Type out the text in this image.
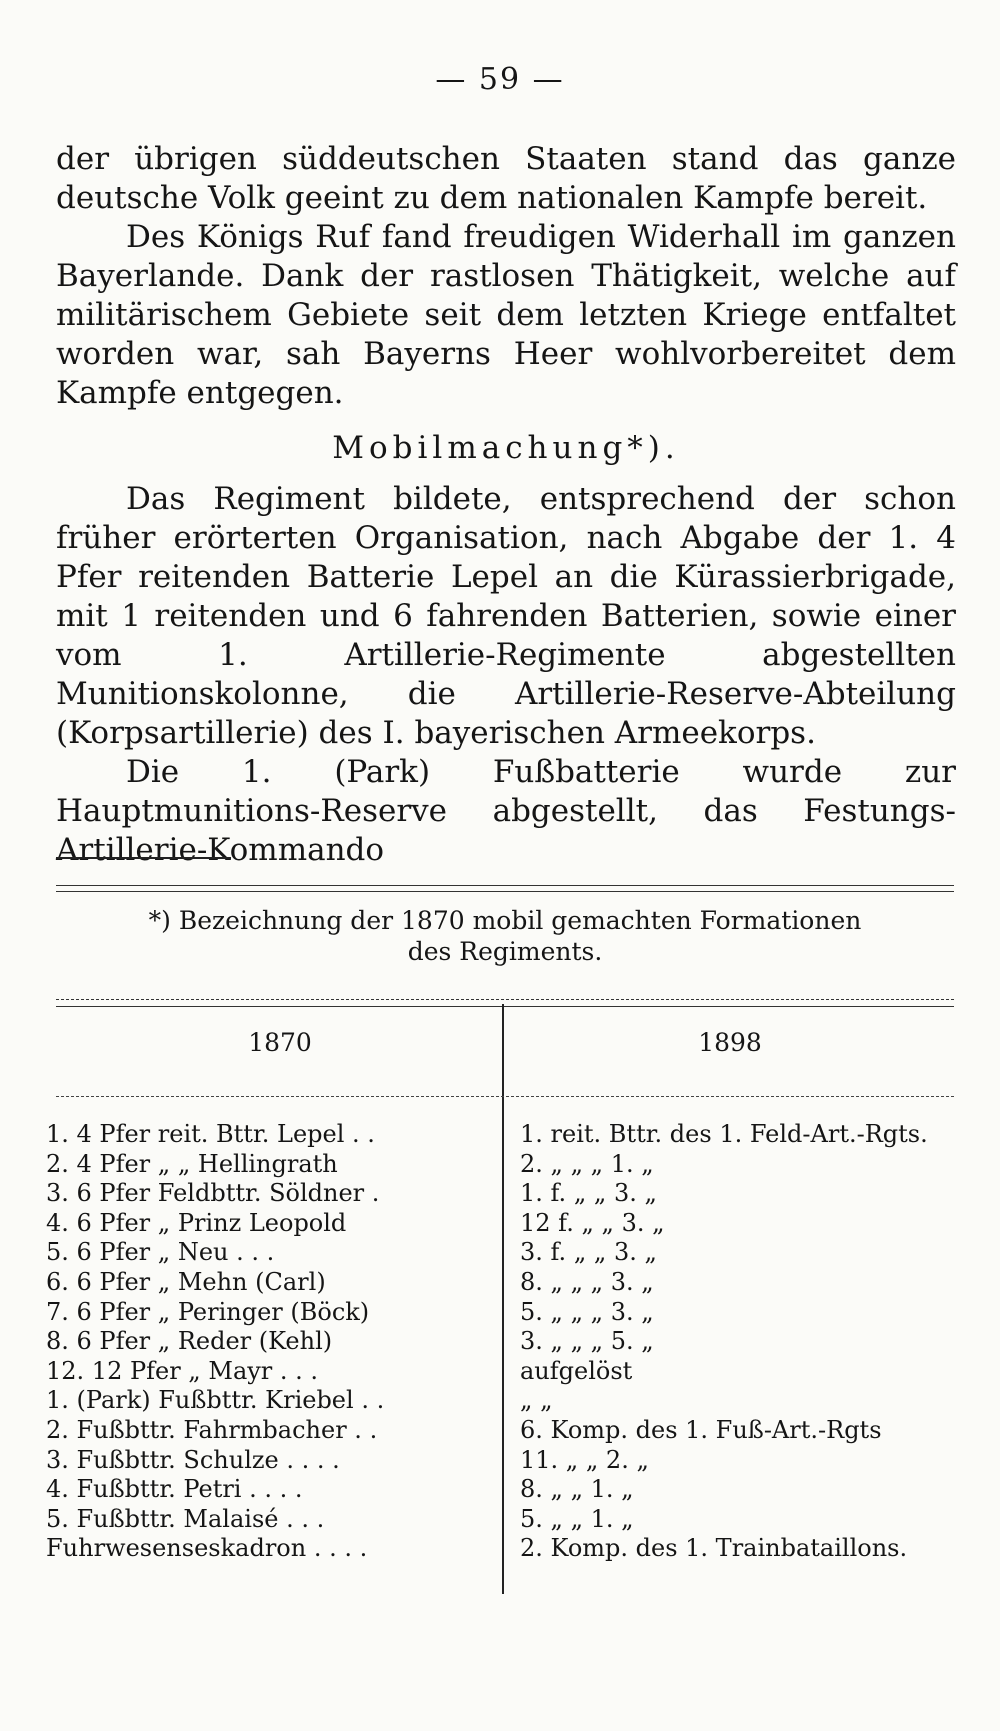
— 59 —

der übrigen süddeutschen Staaten stand das ganze deutsche Volk geeint zu dem nationalen Kampfe bereit.

Des Königs Ruf fand freudigen Widerhall im ganzen Bayerlande. Dank der rastlosen Thätigkeit, welche auf militärischem Gebiete seit dem letzten Kriege entfaltet worden war, sah Bayerns Heer wohlvorbereitet dem Kampfe entgegen.

Mobilmachung*).

Das Regiment bildete, entsprechend der schon früher erörterten Organisation, nach Abgabe der 1. 4 Pfer reitenden Batterie Lepel an die Kürassierbrigade, mit 1 reitenden und 6 fahrenden Batterien, sowie einer vom 1. Artillerie-Regimente abgestellten Munitionskolonne, die Artillerie-Reserve-Abteilung (Korpsartillerie) des I. bayerischen Armeekorps.

Die 1. (Park) Fußbatterie wurde zur Hauptmunitions-Reserve abgestellt, das Festungs-Artillerie-Kommando

*) Bezeichnung der 1870 mobil gemachten Formationen
des Regiments.
1870	1898
1. 4 Pfer reit. Bttr. Lepel . .
2. 4 Pfer „ „ Hellingrath
3. 6 Pfer Feldbttr. Söldner .
4. 6 Pfer „ Prinz Leopold
5. 6 Pfer „ Neu . . .
6. 6 Pfer „ Mehn (Carl)
7. 6 Pfer „ Peringer (Böck)
8. 6 Pfer „ Reder (Kehl)
12. 12 Pfer „ Mayr . . .
1. (Park) Fußbttr. Kriebel . .
2. Fußbttr. Fahrmbacher . .
3. Fußbttr. Schulze . . . .
4. Fußbttr. Petri . . . .
5. Fußbttr. Malaisé . . .
Fuhrwesenseskadron . . . .
1. reit. Bttr. des 1. Feld-Art.-Rgts.
2. „ „ „ 1. „
1. f. „ „ 3. „
12 f. „ „ 3. „
3. f. „ „ 3. „
8. „ „ „ 3. „
5. „ „ „ 3. „
3. „ „ „ 5. „
aufgelöst
„ „
6. Komp. des 1. Fuß-Art.-Rgts
11. „ „ 2. „
8. „ „ 1. „
5. „ „ 1. „
2. Komp. des 1. Trainbataillons.
